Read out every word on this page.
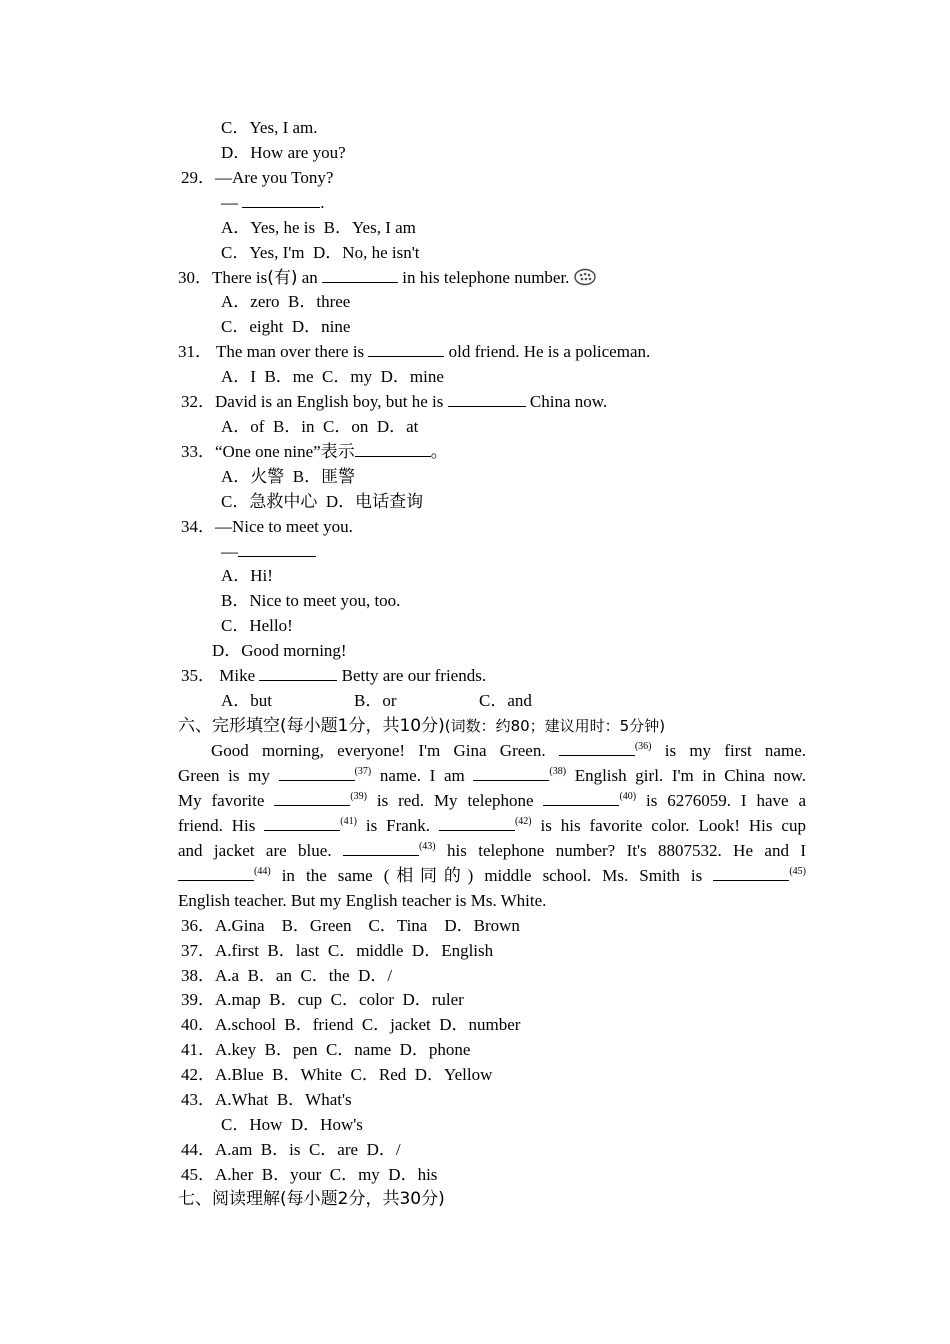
C．Yes, I am.
D．How are you?
29．—Are you Tony?
—	.
A．Yes, he is  B．Yes, I am
C．Yes, I'm  D．No, he isn't
30．There is(有) an	in his telephone number.
A．zero  B．three
C．eight  D．nine
31． The man over there is	old friend. He is a policeman.
A．I  B．me  C．my  D．mine
32．David is an English boy, but he is	China now.
A．of  B．in  C．on  D．at
33．“One one nine”表示	。
A．火警  B．匪警
C．急救中心  D．电话查询
34．—Nice to meet you.
—
A．Hi!
B．Nice to meet you, too.
C．Hello!
D．Good morning!
35． Mike	Betty are our friends.
A．but	B．or	C．and
六、完形填空(每小题1分，共10分)(词数：约80；建议用时：5分钟)
Good morning, everyone! I'm Gina Green.	$^{(36)}$ is my first name.
Green is my	$^{(37)}$ name. I am	$^{(38)}$ English girl. I'm in China now.
My favorite	$^{(39)}$ is red. My telephone	$^{(40)}$ is 6276059. I have a
friend. His	$^{(41)}$ is Frank.	$^{(42)}$ is his favorite color. Look! His cup
and jacket are blue.	$^{(43)}$ his telephone number? It's 8807532. He and I
$^{(44)}$ in the same (相同的) middle school. Ms. Smith is	$^{(45)}$
English teacher. But my English teacher is Ms. White.
36．A.Gina    B．Green    C．Tina    D．Brown
37．A.first  B．last  C．middle  D．English
38．A.a  B．an  C．the  D．/
39．A.map  B．cup  C．color  D．ruler
40．A.school  B．friend  C．jacket  D．number
41．A.key  B．pen  C．name  D．phone
42．A.Blue  B．White  C．Red  D．Yellow
43．A.What  B．What's
C．How  D．How's
44．A.am  B．is  C．are  D．/
45．A.her  B．your  C．my  D．his
七、阅读理解(每小题2分，共30分)
